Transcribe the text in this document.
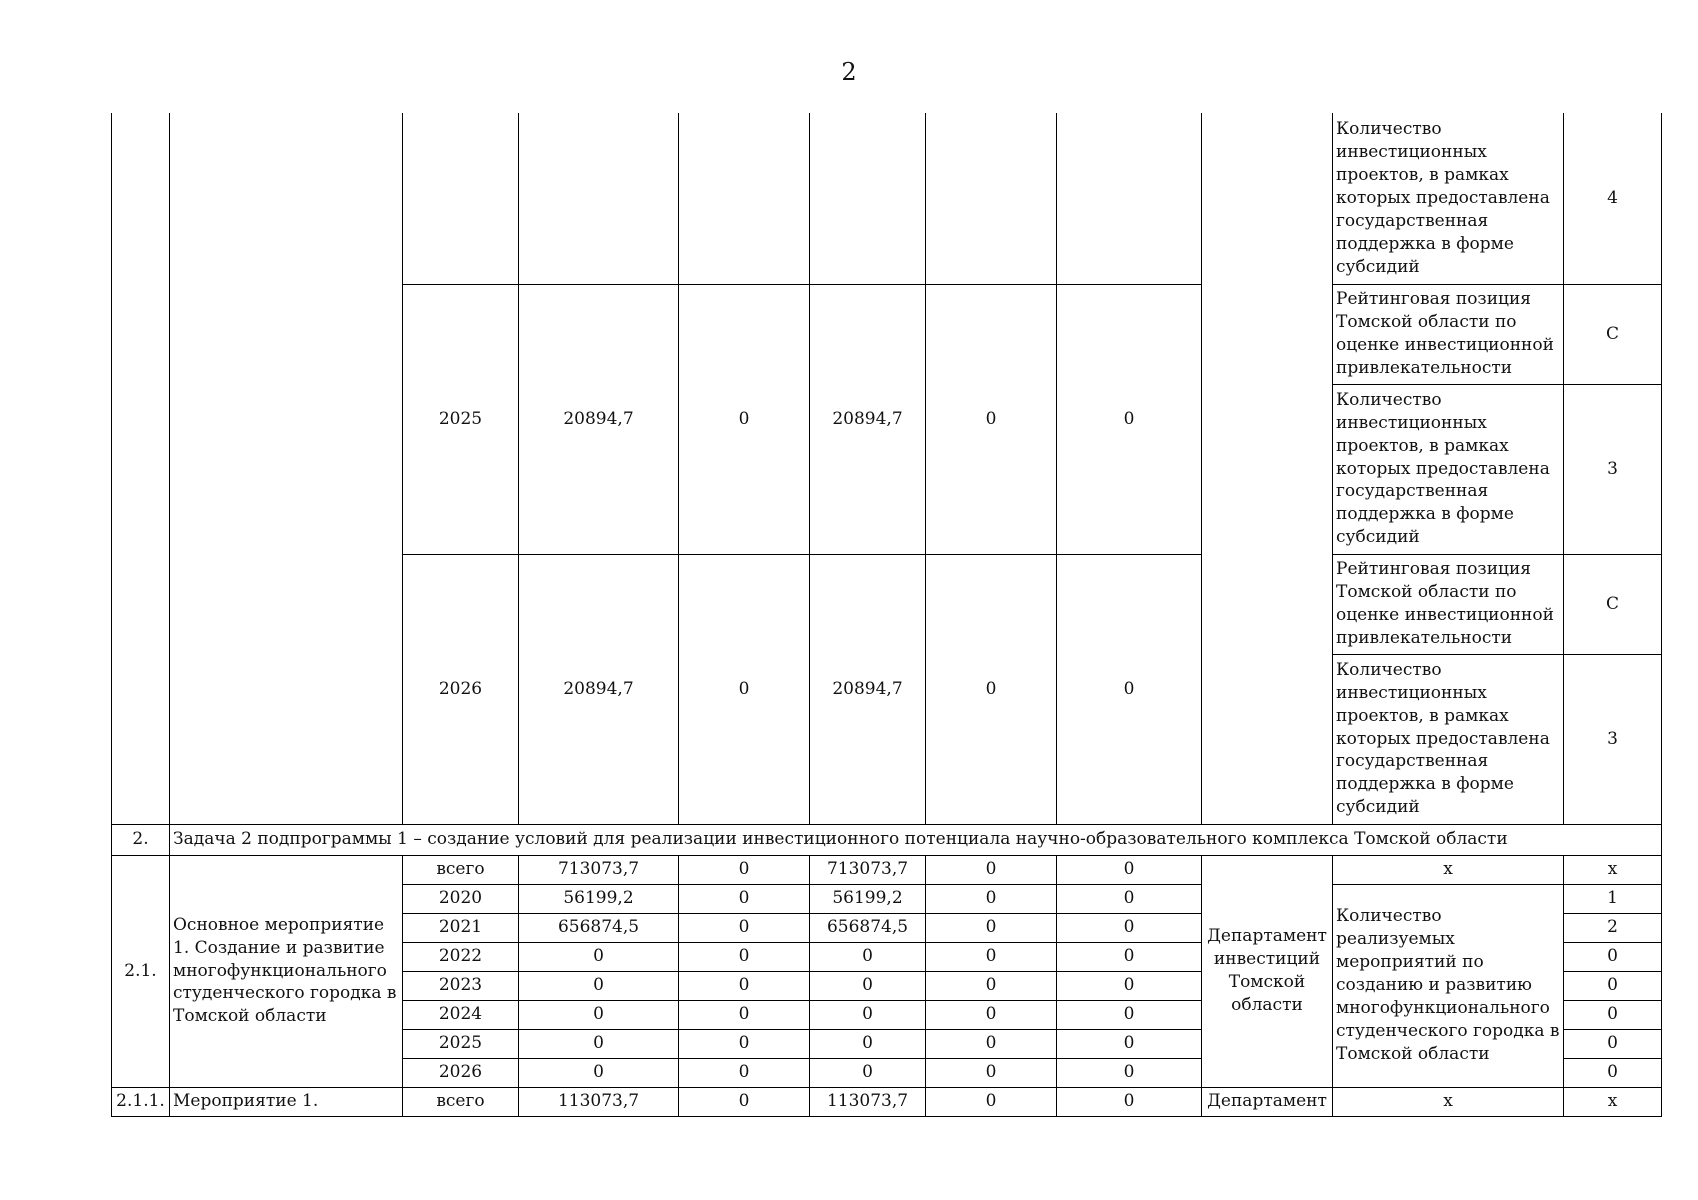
2
									Количество инвестиционных проектов, в рамках которых предоставлена государственная поддержка в форме субсидий	4
		2025	20894,7	0	20894,7	0	0		Рейтинговая позиция Томской области по оценке инвестиционной привлекательности	С
									Количество инвестиционных проектов, в рамках которых предоставлена государственная поддержка в форме субсидий	3
		2026	20894,7	0	20894,7	0	0		Рейтинговая позиция Томской области по оценке инвестиционной привлекательности	С
									Количество инвестиционных проектов, в рамках которых предоставлена государственная поддержка в форме субсидий	3
2.	Задача 2 подпрограммы 1 – создание условий для реализации инвестиционного потенциала научно-образовательного комплекса Томской области									
2.1.	Основное мероприятие 1. Создание и развитие многофункционального студенческого городка в Томской области	всего	713073,7	0	713073,7	0	0	Департамент инвестиций Томской области	х	х
		2020	56199,2	0	56199,2	0	0		Количество реализуемых мероприятий по созданию и развитию многофункционального студенческого городка в Томской области	1
		2021	656874,5	0	656874,5	0	0			2
		2022	0	0	0	0	0			0
		2023	0	0	0	0	0			0
		2024	0	0	0	0	0			0
		2025	0	0	0	0	0			0
		2026	0	0	0	0	0			0
2.1.1.	Мероприятие 1.	всего	113073,7	0	113073,7	0	0	Департамент	х	х
